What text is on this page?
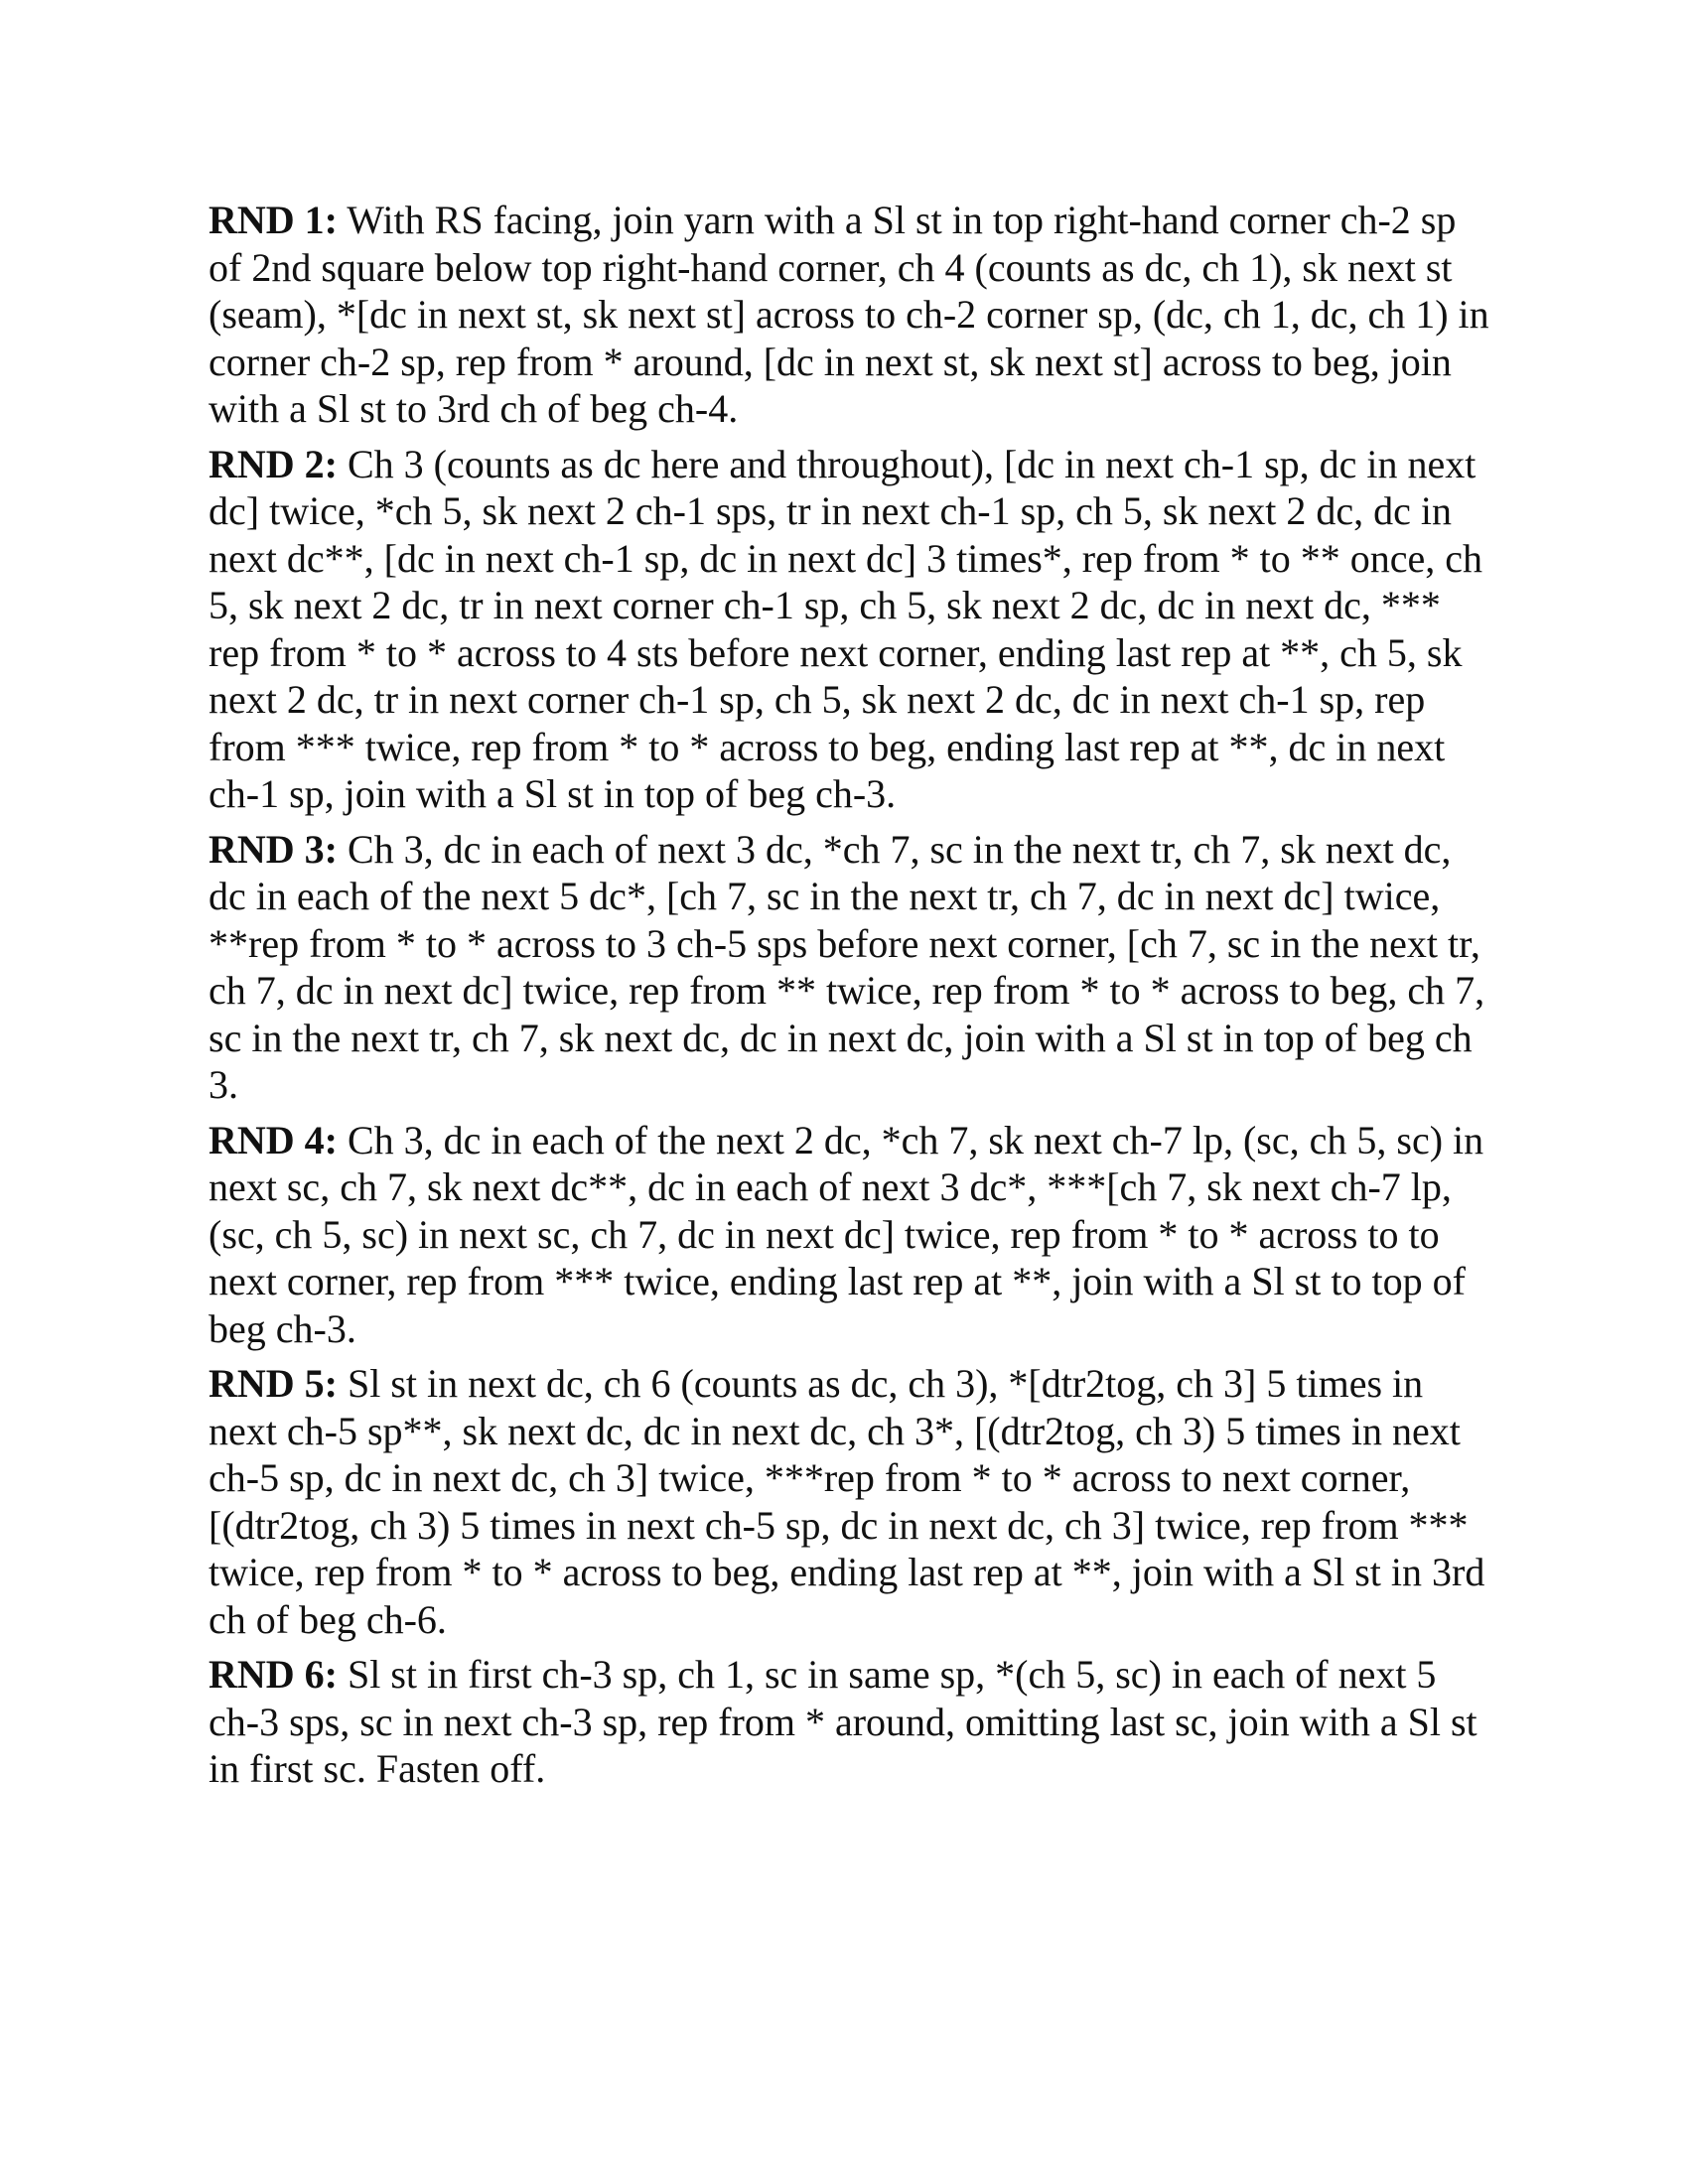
RND 1: With RS facing, join yarn with a Sl st in top right-hand corner ch-2 sp of 2nd square below top right-hand corner, ch 4 (counts as dc, ch 1), sk next st (seam), *[dc in next st, sk next st] across to ch-2 corner sp, (dc, ch 1, dc, ch 1) in corner ch-2 sp, rep from * around, [dc in next st, sk next st] across to beg, join with a Sl st to 3rd ch of beg ch-4.

RND 2: Ch 3 (counts as dc here and throughout), [dc in next ch-1 sp, dc in next dc] twice, *ch 5, sk next 2 ch-1 sps, tr in next ch-1 sp, ch 5, sk next 2 dc, dc in next dc**, [dc in next ch-1 sp, dc in next dc] 3 times*, rep from * to ** once, ch 5, sk next 2 dc, tr in next corner ch-1 sp, ch 5, sk next 2 dc, dc in next dc, *** rep from * to * across to 4 sts before next corner, ending last rep at **, ch 5, sk next 2 dc, tr in next corner ch-1 sp, ch 5, sk next 2 dc, dc in next ch-1 sp, rep from *** twice, rep from * to * across to beg, ending last rep at **, dc in next ch-1 sp, join with a Sl st in top of beg ch-3.

RND 3: Ch 3, dc in each of next 3 dc, *ch 7, sc in the next tr, ch 7, sk next dc, dc in each of the next 5 dc*, [ch 7, sc in the next tr, ch 7, dc in next dc] twice, **rep from * to * across to 3 ch-5 sps before next corner, [ch 7, sc in the next tr, ch 7, dc in next dc] twice, rep from ** twice, rep from * to * across to beg, ch 7, sc in the next tr, ch 7, sk next dc, dc in next dc, join with a Sl st in top of beg ch 3.

RND 4: Ch 3, dc in each of the next 2 dc, *ch 7, sk next ch-7 lp, (sc, ch 5, sc) in next sc, ch 7, sk next dc**, dc in each of next 3 dc*, ***[ch 7, sk next ch-7 lp, (sc, ch 5, sc) in next sc, ch 7, dc in next dc] twice, rep from * to * across to to next corner, rep from *** twice, ending last rep at **, join with a Sl st to top of beg ch-3.

RND 5: Sl st in next dc, ch 6 (counts as dc, ch 3), *[dtr2tog, ch 3] 5 times in next ch-5 sp**, sk next dc, dc in next dc, ch 3*, [(dtr2tog, ch 3) 5 times in next ch-5 sp, dc in next dc, ch 3] twice, ***rep from * to * across to next corner, [(dtr2tog, ch 3) 5 times in next ch-5 sp, dc in next dc, ch 3] twice, rep from *** twice, rep from * to * across to beg, ending last rep at **, join with a Sl st in 3rd ch of beg ch-6.

RND 6: Sl st in first ch-3 sp, ch 1, sc in same sp, *(ch 5, sc) in each of next 5 ch-3 sps, sc in next ch-3 sp, rep from * around, omitting last sc, join with a Sl st in first sc. Fasten off.
